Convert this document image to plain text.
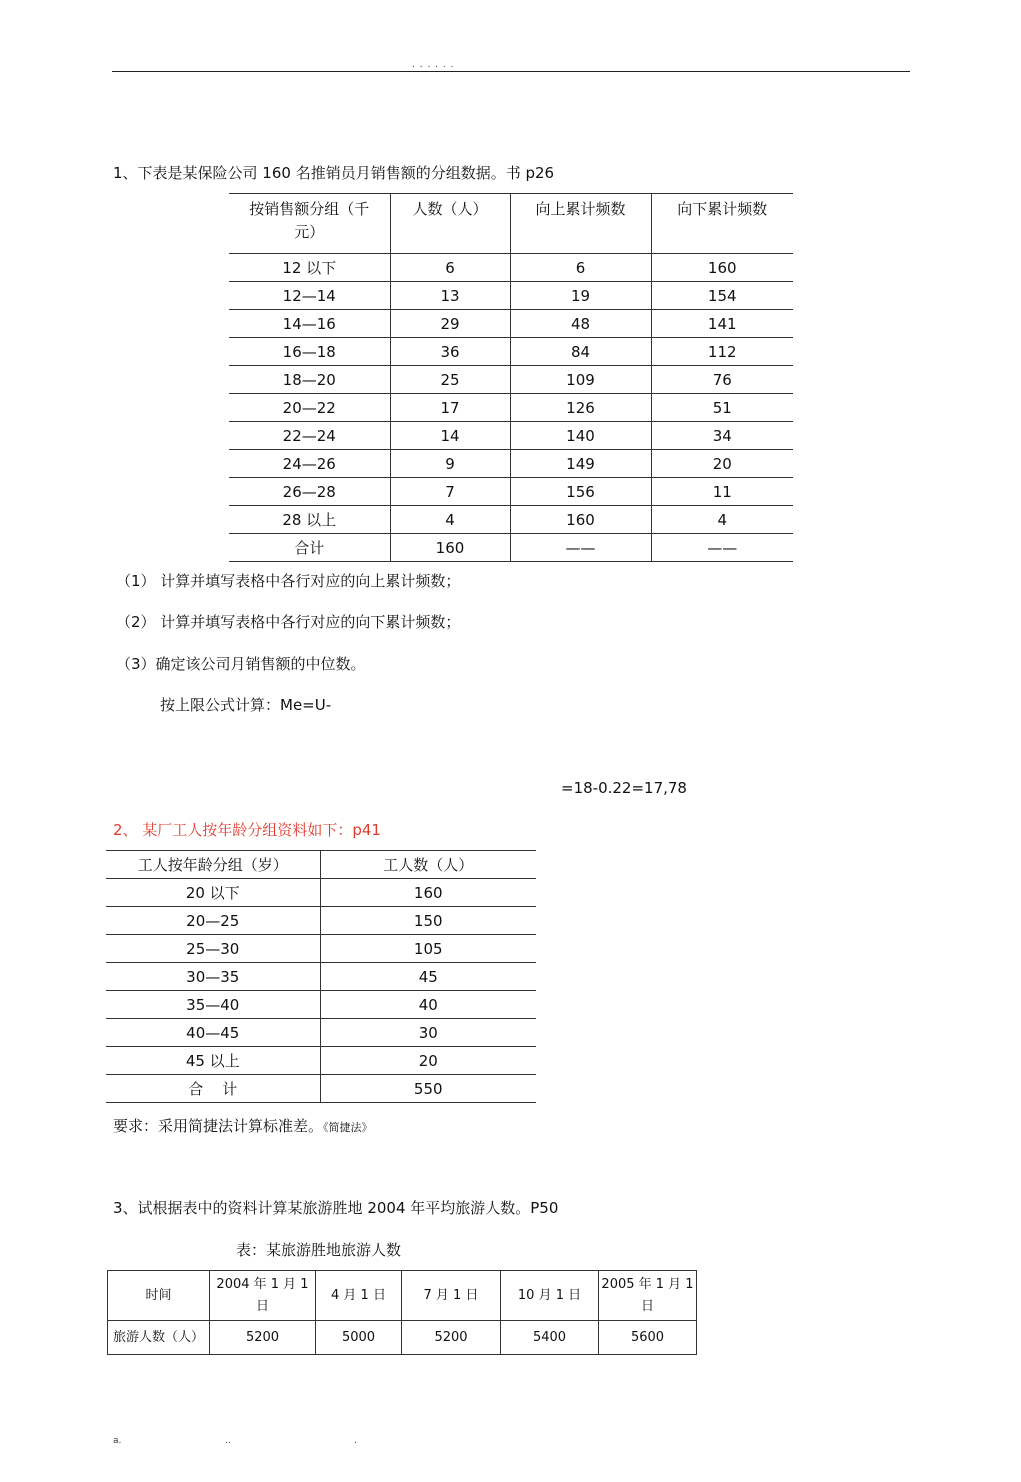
. . . . . .
1、下表是某保险公司 160 名推销员月销售额的分组数据。书 p26
按销售额分组（千元）	人数（人）	向上累计频数	向下累计频数
12 以下	6	6	160
12—14	13	19	154
14—16	29	48	141
16—18	36	84	112
18—20	25	109	76
20—22	17	126	51
22—24	14	140	34
24—26	9	149	20
26—28	7	156	11
28 以上	4	160	4
合计	160	——	——
（1） 计算并填写表格中各行对应的向上累计频数；
（2） 计算并填写表格中各行对应的向下累计频数；
（3）确定该公司月销售额的中位数。
按上限公式计算：Me=U-
=18-0.22=17,78
2、 某厂工人按年龄分组资料如下：p41
工人按年龄分组（岁）	工人数（人）
20 以下	160
20—25	150
25—30	105
30—35	45
35—40	40
40—45	30
45 以上	20
合    计	550
要求：采用简捷法计算标准差。《简捷法》
3、试根据表中的资料计算某旅游胜地 2004 年平均旅游人数。P50
表：某旅游胜地旅游人数
时间	2004 年 1 月 1 日	4 月 1 日	7 月 1 日	10 月 1 日	2005 年 1 月 1 日

旅游人数（人）	5200	5000	5200	5400	5600
a.	..	.
